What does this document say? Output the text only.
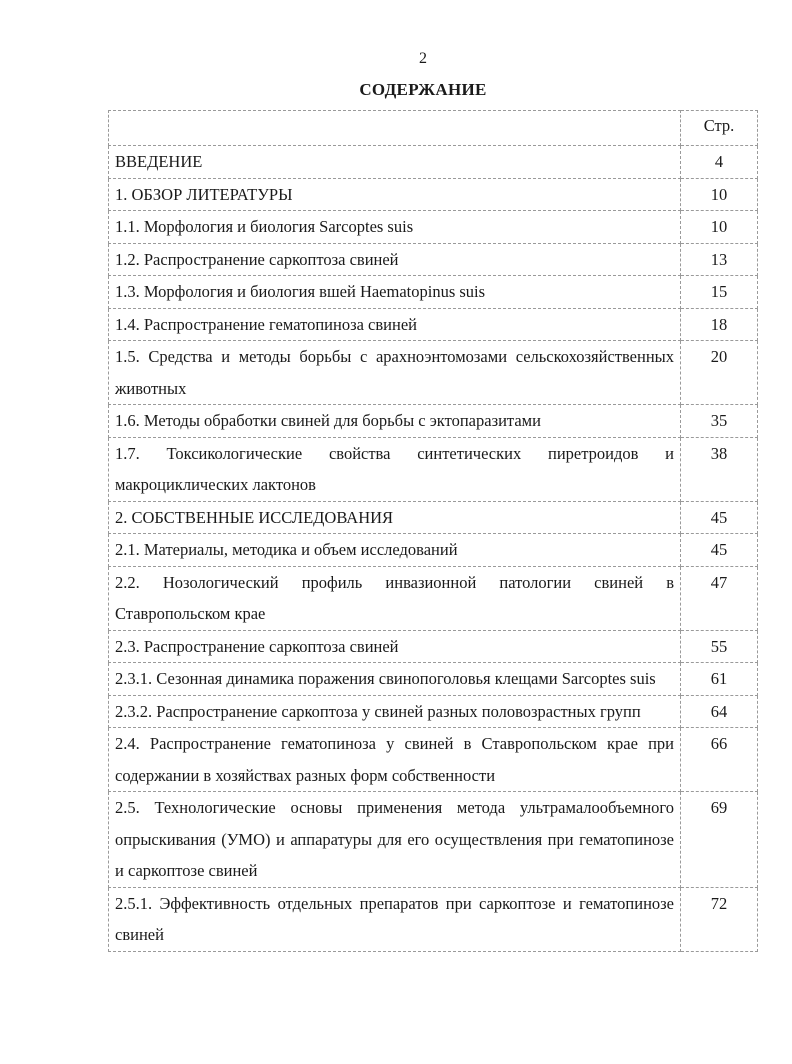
2
СОДЕРЖАНИЕ
	Стр.
ВВЕДЕНИЕ	4
1. ОБЗОР ЛИТЕРАТУРЫ	10
1.1. Морфология и биология Sarcoptes suis	10
1.2. Распространение саркоптоза свиней	13
1.3. Морфология и биология вшей Haematopinus suis	15
1.4. Распространение гематопиноза свиней	18
1.5. Средства и методы борьбы с арахноэнтомозами сельскохозяйственных животных	20
1.6. Методы обработки свиней для борьбы с эктопаразитами	35
1.7. Токсикологические свойства синтетических пиретроидов и макроциклических лактонов	38
2. СОБСТВЕННЫЕ ИССЛЕДОВАНИЯ	45
2.1. Материалы, методика и объем исследований	45
2.2. Нозологический профиль инвазионной патологии свиней в Ставропольском крае	47
2.3. Распространение саркоптоза свиней	55
2.3.1. Сезонная динамика поражения свинопоголовья клещами Sarcoptes suis	61
2.3.2. Распространение саркоптоза у свиней разных половозрастных групп	64
2.4. Распространение гематопиноза у свиней в Ставропольском крае при содержании в хозяйствах разных форм собственности	66
2.5. Технологические основы применения метода ультрамалообъемного опрыскивания (УМО) и аппаратуры для его осуществления при гематопинозе и саркоптозе свиней	69
2.5.1. Эффективность отдельных препаратов при саркоптозе и гематопинозе свиней	72
